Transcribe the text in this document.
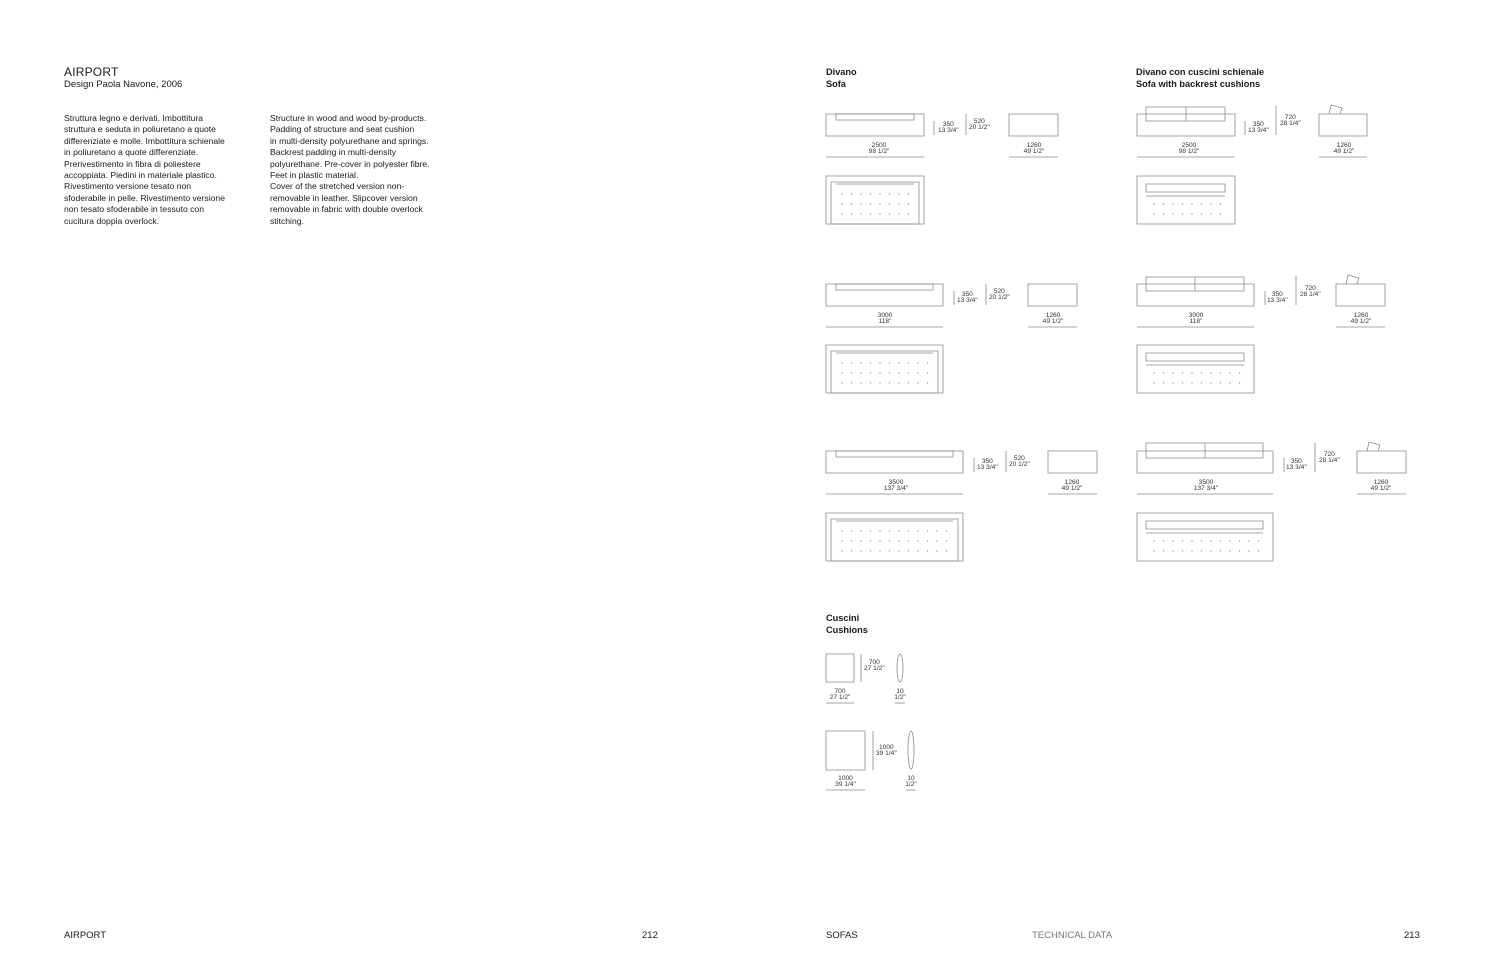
AIRPORT
Design Paola Navone, 2006
Struttura legno e derivati. Imbottitura
struttura e seduta in poliuretano a quote
differenziate e molle. Imbottitura schienale
in poliuretano a quote differenziate.
Prerivestimento in fibra di poliestere
accoppiata. Piedini in materiale plastico.
Rivestimento versione tesato non
sfoderabile in pelle. Rivestimento versione
non tesato sfoderabile in tessuto con
cucitura doppia overlock.
Structure in wood and wood by-products.
Padding of structure and seat cushion
in multi-density polyurethane and springs.
Backrest padding in multi-density
polyurethane. Pre-cover in polyester fibre.
Feet in plastic material.
Cover of the stretched version non-
removable in leather. Slipcover version
removable in fabric with double overlock
stitching.
AIRPORT	212
Divano
Sofa
Divano con cuscini schienale
Sofa with backrest cushions
Cuscini
Cushions
350
13 3/4"
520
20 1/2"
2500
98 1/2"
1260
49 1/2"
350
13 3/4"
720
28 1/4"
2500
98 1/2"
1260
49 1/2"
350
13 3/4"
520
20 1/2"
3000
118"
1260
49 1/2"
350
13 3/4"
720
28 1/4"
3000
118"
1260
49 1/2"
350
13 3/4"
520
20 1/2"
3500
137 3/4"
1260
49 1/2"
350
13 3/4"
720
28 1/4"
3500
137 3/4"
1260
49 1/2"
700
27 1/2"
700
27 1/2"
10
1/2"
1000
39 1/4"
1000
39 1/4"
10
1/2"
SOFAS	TECHNICAL DATA	213
